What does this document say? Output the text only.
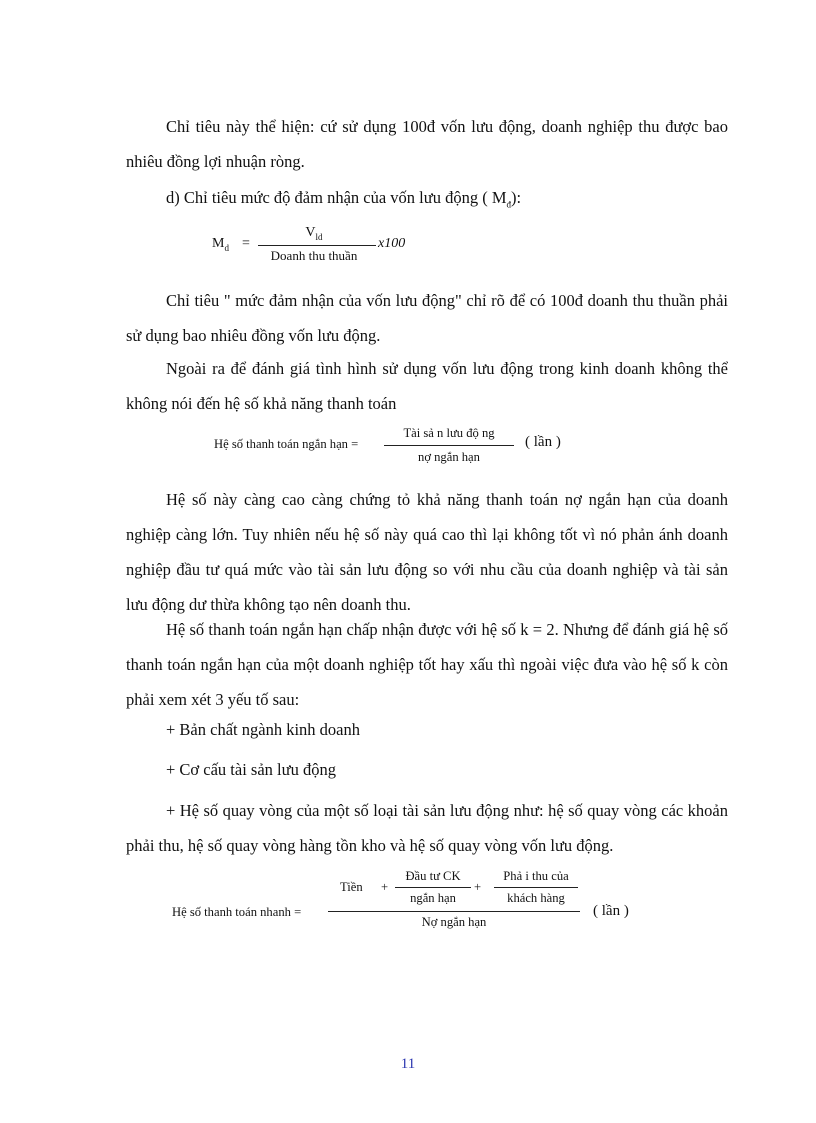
Chỉ tiêu này thể hiện: cứ sử dụng 100đ vốn lưu động, doanh nghiệp thu được bao nhiêu đồng lợi nhuận ròng.

d) Chỉ tiêu mức độ đảm nhận của vốn lưu động ( $M_đ$):

$M_d$ =
$V_{ld}$
Doanh thu thuần
x100

Chỉ tiêu " mức đảm nhận của vốn lưu động" chỉ rõ để có 100đ doanh thu thuần phải sử dụng bao nhiêu đồng vốn lưu động.

Ngoài ra để đánh giá tình hình sử dụng vốn lưu động trong kinh doanh không thể không nói đến hệ số khả năng thanh toán

Hệ số thanh toán ngắn hạn =
Tài sả n lưu độ ng
nợ ngắn hạn
( lần )

Hệ số này càng cao càng chứng tỏ khả năng thanh toán nợ ngắn hạn của doanh nghiệp càng lớn. Tuy nhiên nếu hệ số này quá cao thì lại không tốt vì nó phản ánh doanh nghiệp đầu tư quá mức vào tài sản lưu động so với nhu cầu của doanh nghiệp và tài sản lưu động dư thừa không tạo nên doanh thu.

Hệ số thanh toán ngắn hạn chấp nhận được với hệ số k = 2. Nhưng để đánh giá hệ số thanh toán ngắn hạn của một doanh nghiệp tốt hay xấu thì ngoài việc đưa vào hệ số k còn phải xem xét 3 yếu tố sau:

+ Bản chất ngành kinh doanh

+ Cơ cấu tài sản lưu động

+ Hệ số quay vòng của một số loại tài sản lưu động như: hệ số quay vòng các khoản phải thu, hệ số quay vòng hàng tồn kho và hệ số quay vòng vốn lưu động.

Hệ số thanh toán nhanh =
Tiền +
Đầu tư CK
ngắn hạn
+
Phả i thu của
khách hàng
Nợ ngắn hạn
( lần )
11
